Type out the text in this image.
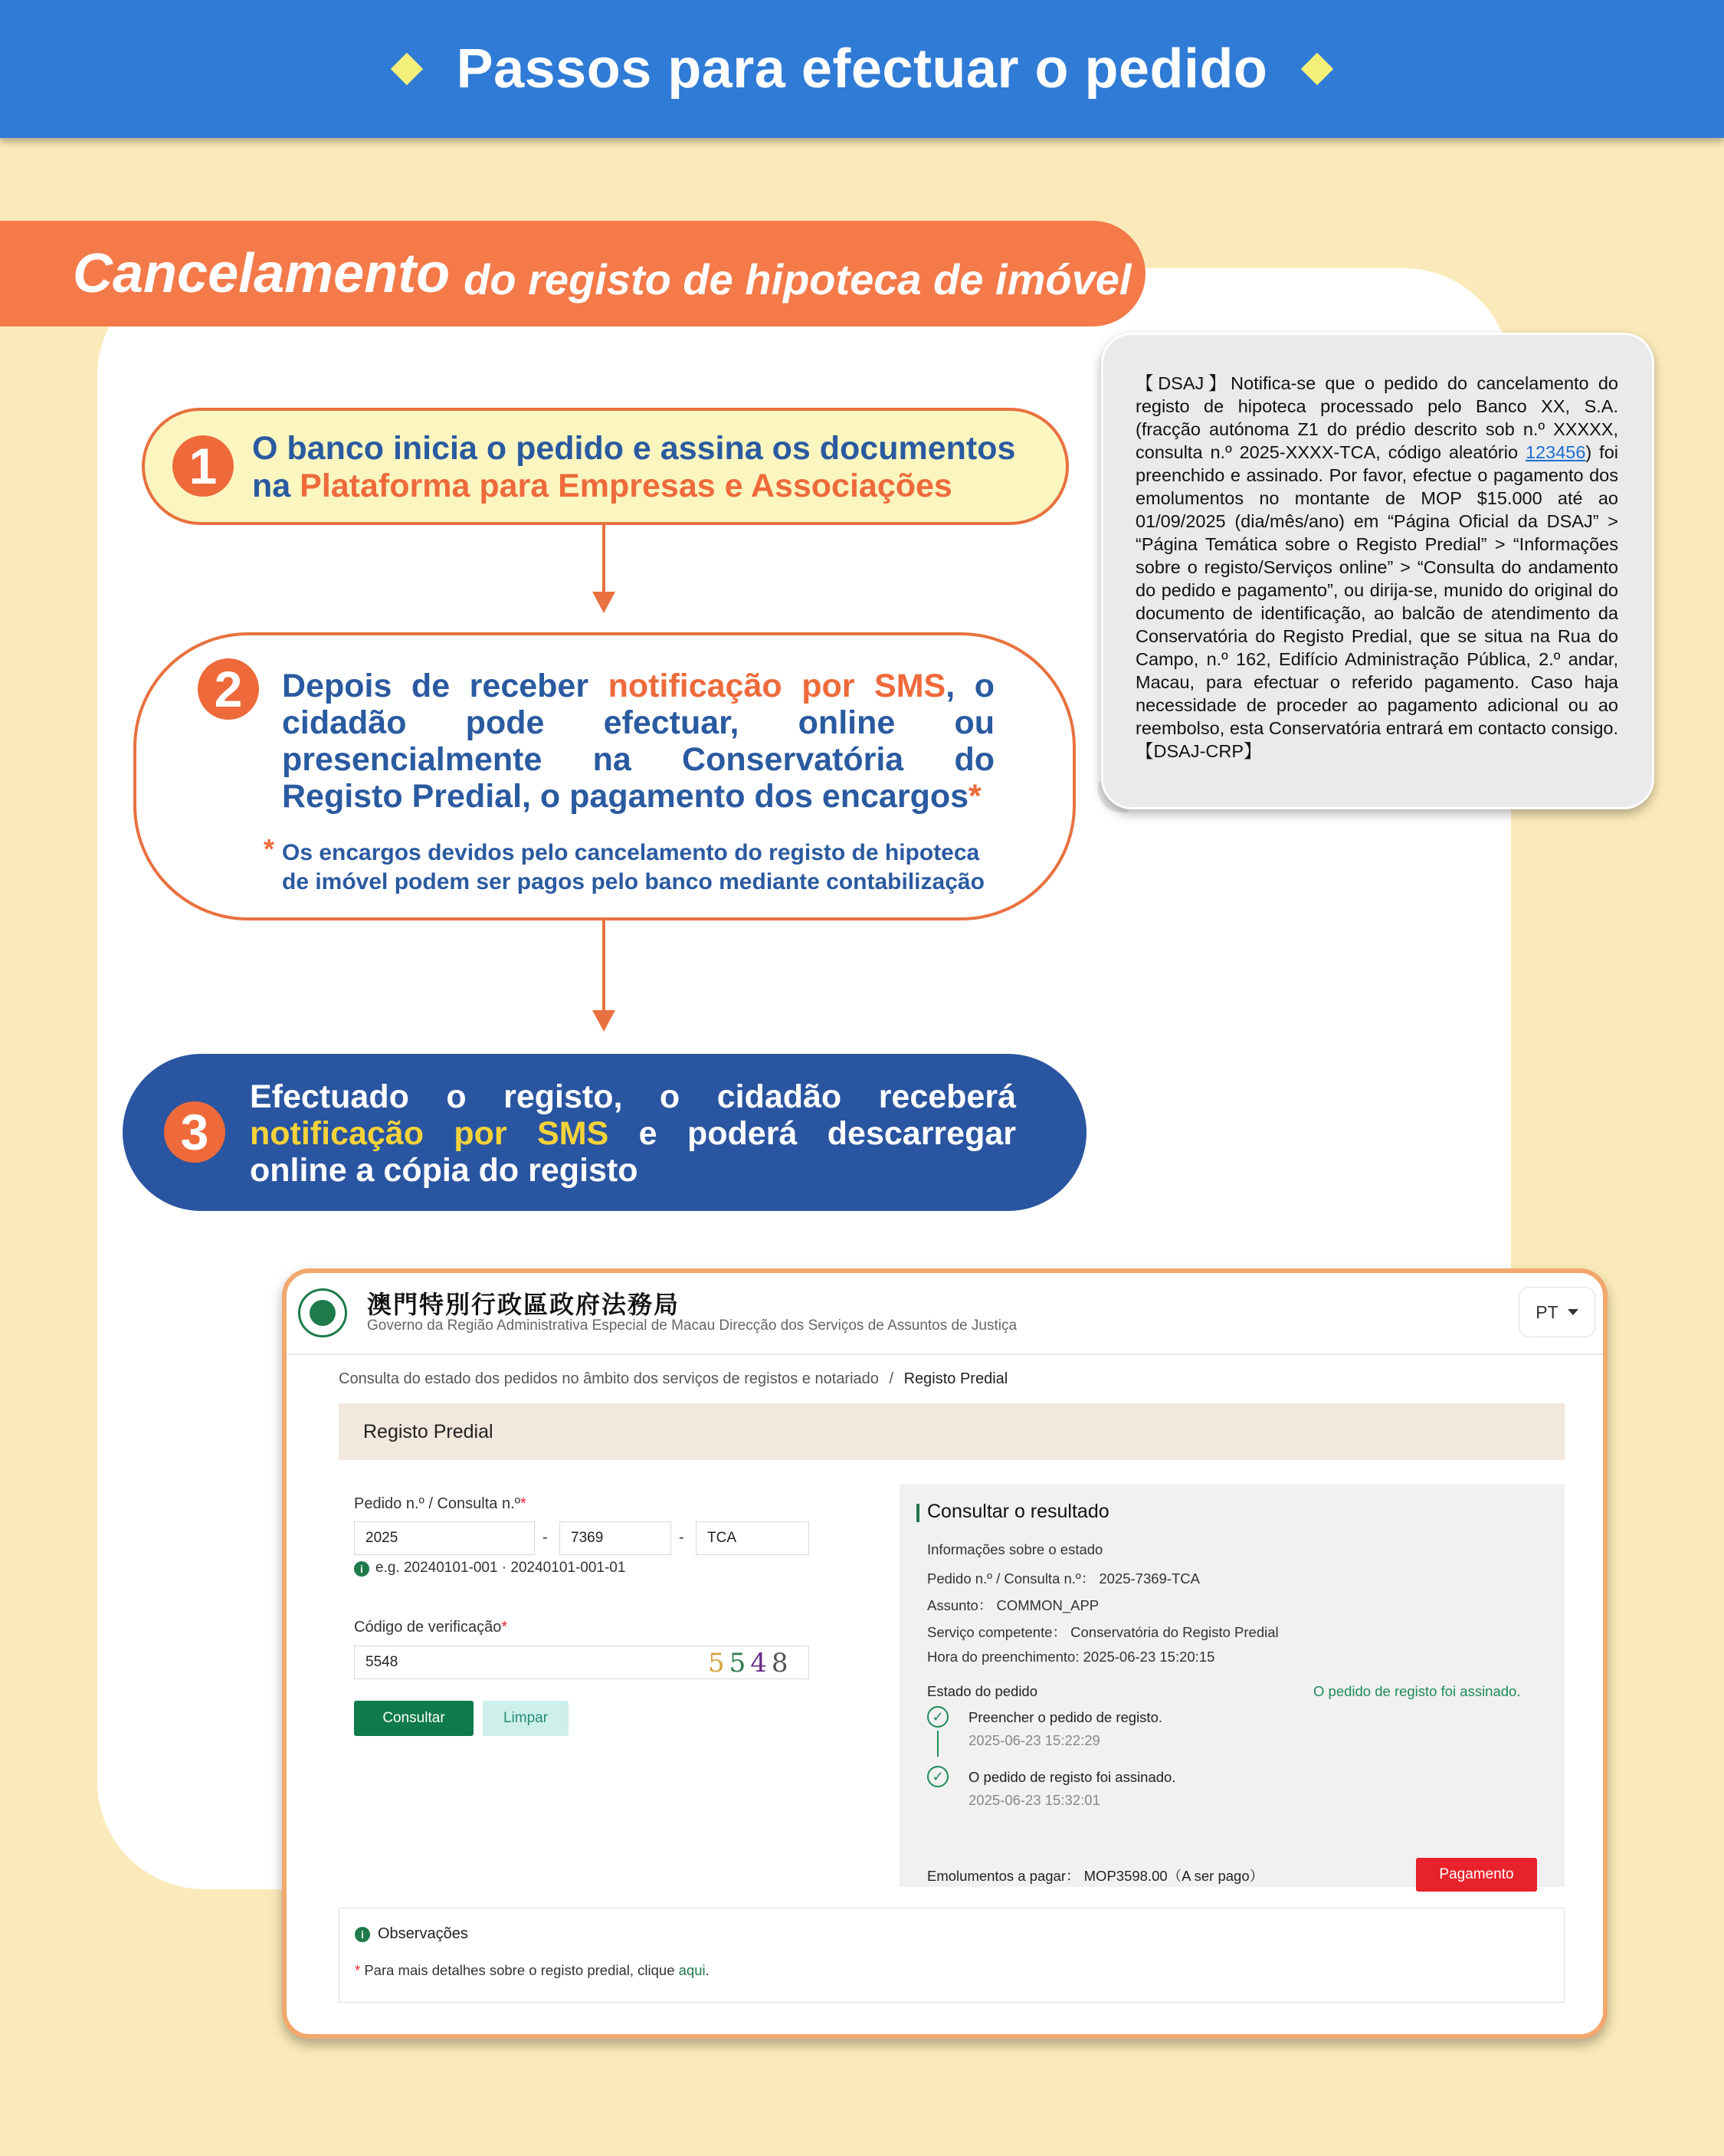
Passos para efectuar o pedido
Cancelamento do registo de hipoteca de imóvel
1	O banco inicia o pedido e assina os documentos
na Plataforma para Empresas e Associações
2	Depois de receber notificação por SMS, o cidadão pode efectuar, online ou presencialmente na Conservatória do Registo Predial, o pagamento dos encargos*
* Os encargos devidos pelo cancelamento do registo de hipoteca de imóvel podem ser pagos pelo banco mediante contabilização
3
Efectuado o registo, o cidadão receberá notificação por SMS e poderá descarregar online a cópia do registo
【DSAJ】Notifica-se que o pedido do cancelamento do registo de hipoteca processado pelo Banco XX, S.A. (fracção autónoma Z1 do prédio descrito sob n.º XXXXX, consulta n.º 2025-XXXX-TCA, código aleatório 123456) foi preenchido e assinado. Por favor, efectue o pagamento dos emolumentos no montante de MOP $15.000 até ao 01/09/2025 (dia/mês/ano) em “Página Oficial da DSAJ” > “Página Temática sobre o Registo Predial” > “Informações sobre o registo/Serviços online” > “Consulta do andamento do pedido e pagamento”, ou dirija-se, munido do original do documento de identificação, ao balcão de atendimento da Conservatória do Registo Predial, que se situa na Rua do Campo, n.º 162, Edifício Administração Pública, 2.º andar, Macau, para efectuar o referido pagamento. Caso haja necessidade de proceder ao pagamento adicional ou ao reembolso, esta Conservatória entrará em contacto consigo.【DSAJ-CRP】
澳門特別行政區政府法務局
Governo da Região Administrativa Especial de Macau Direcção dos Serviços de Assuntos de Justiça
PT
Consulta do estado dos pedidos no âmbito dos serviços de registos e notariado / Registo Predial
Registo Predial
Pedido n.º / Consulta n.º*
2025	-	7369	-	TCA
i e.g. 20240101-001 · 20240101-001-01
Código de verificação*
5548	5548
Consultar	Limpar
Consultar o resultado
Informações sobre o estado
Pedido n.º / Consulta n.º： 2025-7369-TCA
Assunto： COMMON_APP
Serviço competente： Conservatória do Registo Predial
Hora do preenchimento: 2025-06-23 15:20:15
Estado do pedido	O pedido de registo foi assinado.
✓	Preencher o pedido de registo.
2025-06-23 15:22:29
✓	O pedido de registo foi assinado.
2025-06-23 15:32:01
Emolumentos a pagar： MOP3598.00（A ser pago）	Pagamento
i Observações
* Para mais detalhes sobre o registo predial, clique aqui.
